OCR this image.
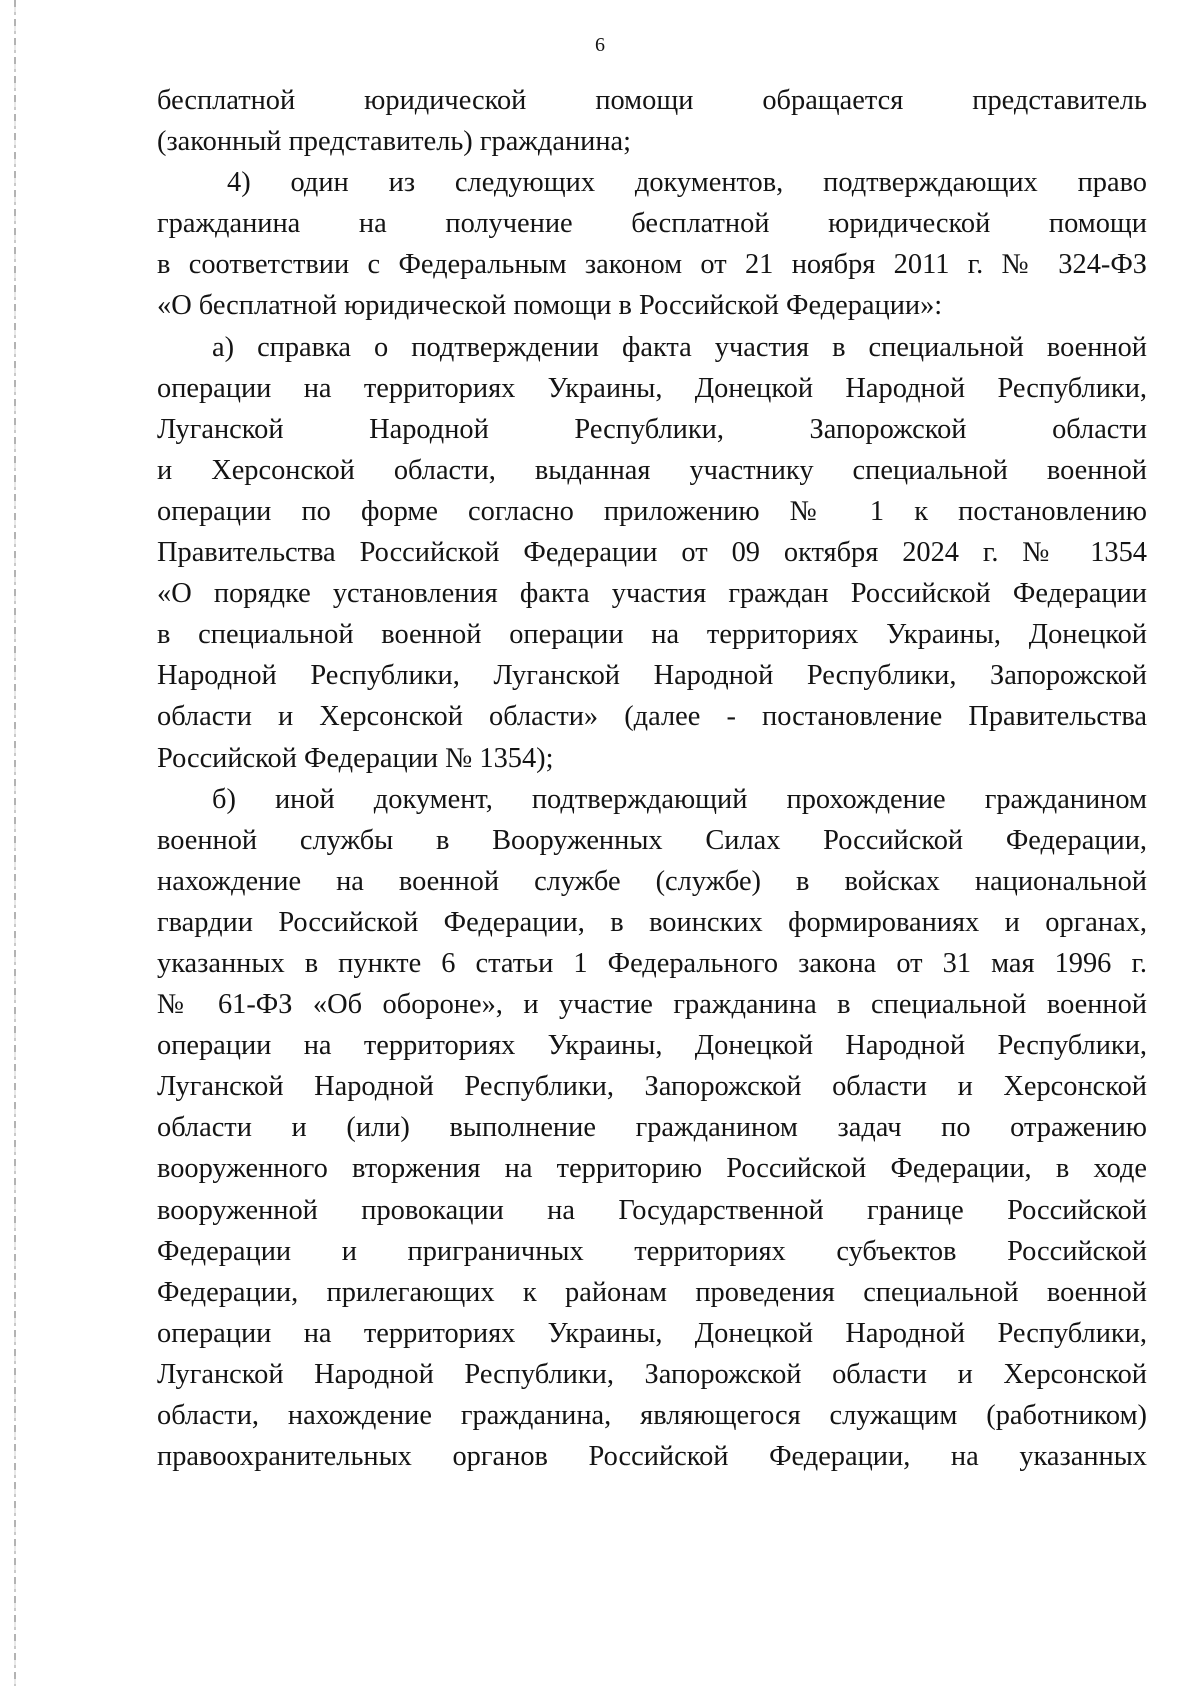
6

бесплатной юридической помощи обращается представитель
(законный представитель) гражданина;

4) один из следующих документов, подтверждающих право
гражданина на получение бесплатной юридической помощи
в соответствии с Федеральным законом от 21 ноября 2011 г. № 324-ФЗ
«О бесплатной юридической помощи в Российской Федерации»:

а) справка о подтверждении факта участия в специальной военной
операции на территориях Украины, Донецкой Народной Республики,
Луганской Народной Республики, Запорожской области
и Херсонской области, выданная участнику специальной военной
операции по форме согласно приложению № 1 к постановлению
Правительства Российской Федерации от 09 октября 2024 г. № 1354
«О порядке установления факта участия граждан Российской Федерации
в специальной военной операции на территориях Украины, Донецкой
Народной Республики, Луганской Народной Республики, Запорожской
области и Херсонской области» (далее - постановление Правительства
Российской Федерации № 1354);

б) иной документ, подтверждающий прохождение гражданином
военной службы в Вооруженных Силах Российской Федерации,
нахождение на военной службе (службе) в войсках национальной
гвардии Российской Федерации, в воинских формированиях и органах,
указанных в пункте 6 статьи 1 Федерального закона от 31 мая 1996 г.
№ 61-ФЗ «Об обороне», и участие гражданина в специальной военной
операции на территориях Украины, Донецкой Народной Республики,
Луганской Народной Республики, Запорожской области и Херсонской
области и (или) выполнение гражданином задач по отражению
вооруженного вторжения на территорию Российской Федерации, в ходе
вооруженной провокации на Государственной границе Российской
Федерации и приграничных территориях субъектов Российской
Федерации, прилегающих к районам проведения специальной военной
операции на территориях Украины, Донецкой Народной Республики,
Луганской Народной Республики, Запорожской области и Херсонской
области, нахождение гражданина, являющегося служащим (работником)
правоохранительных органов Российской Федерации, на указанных
